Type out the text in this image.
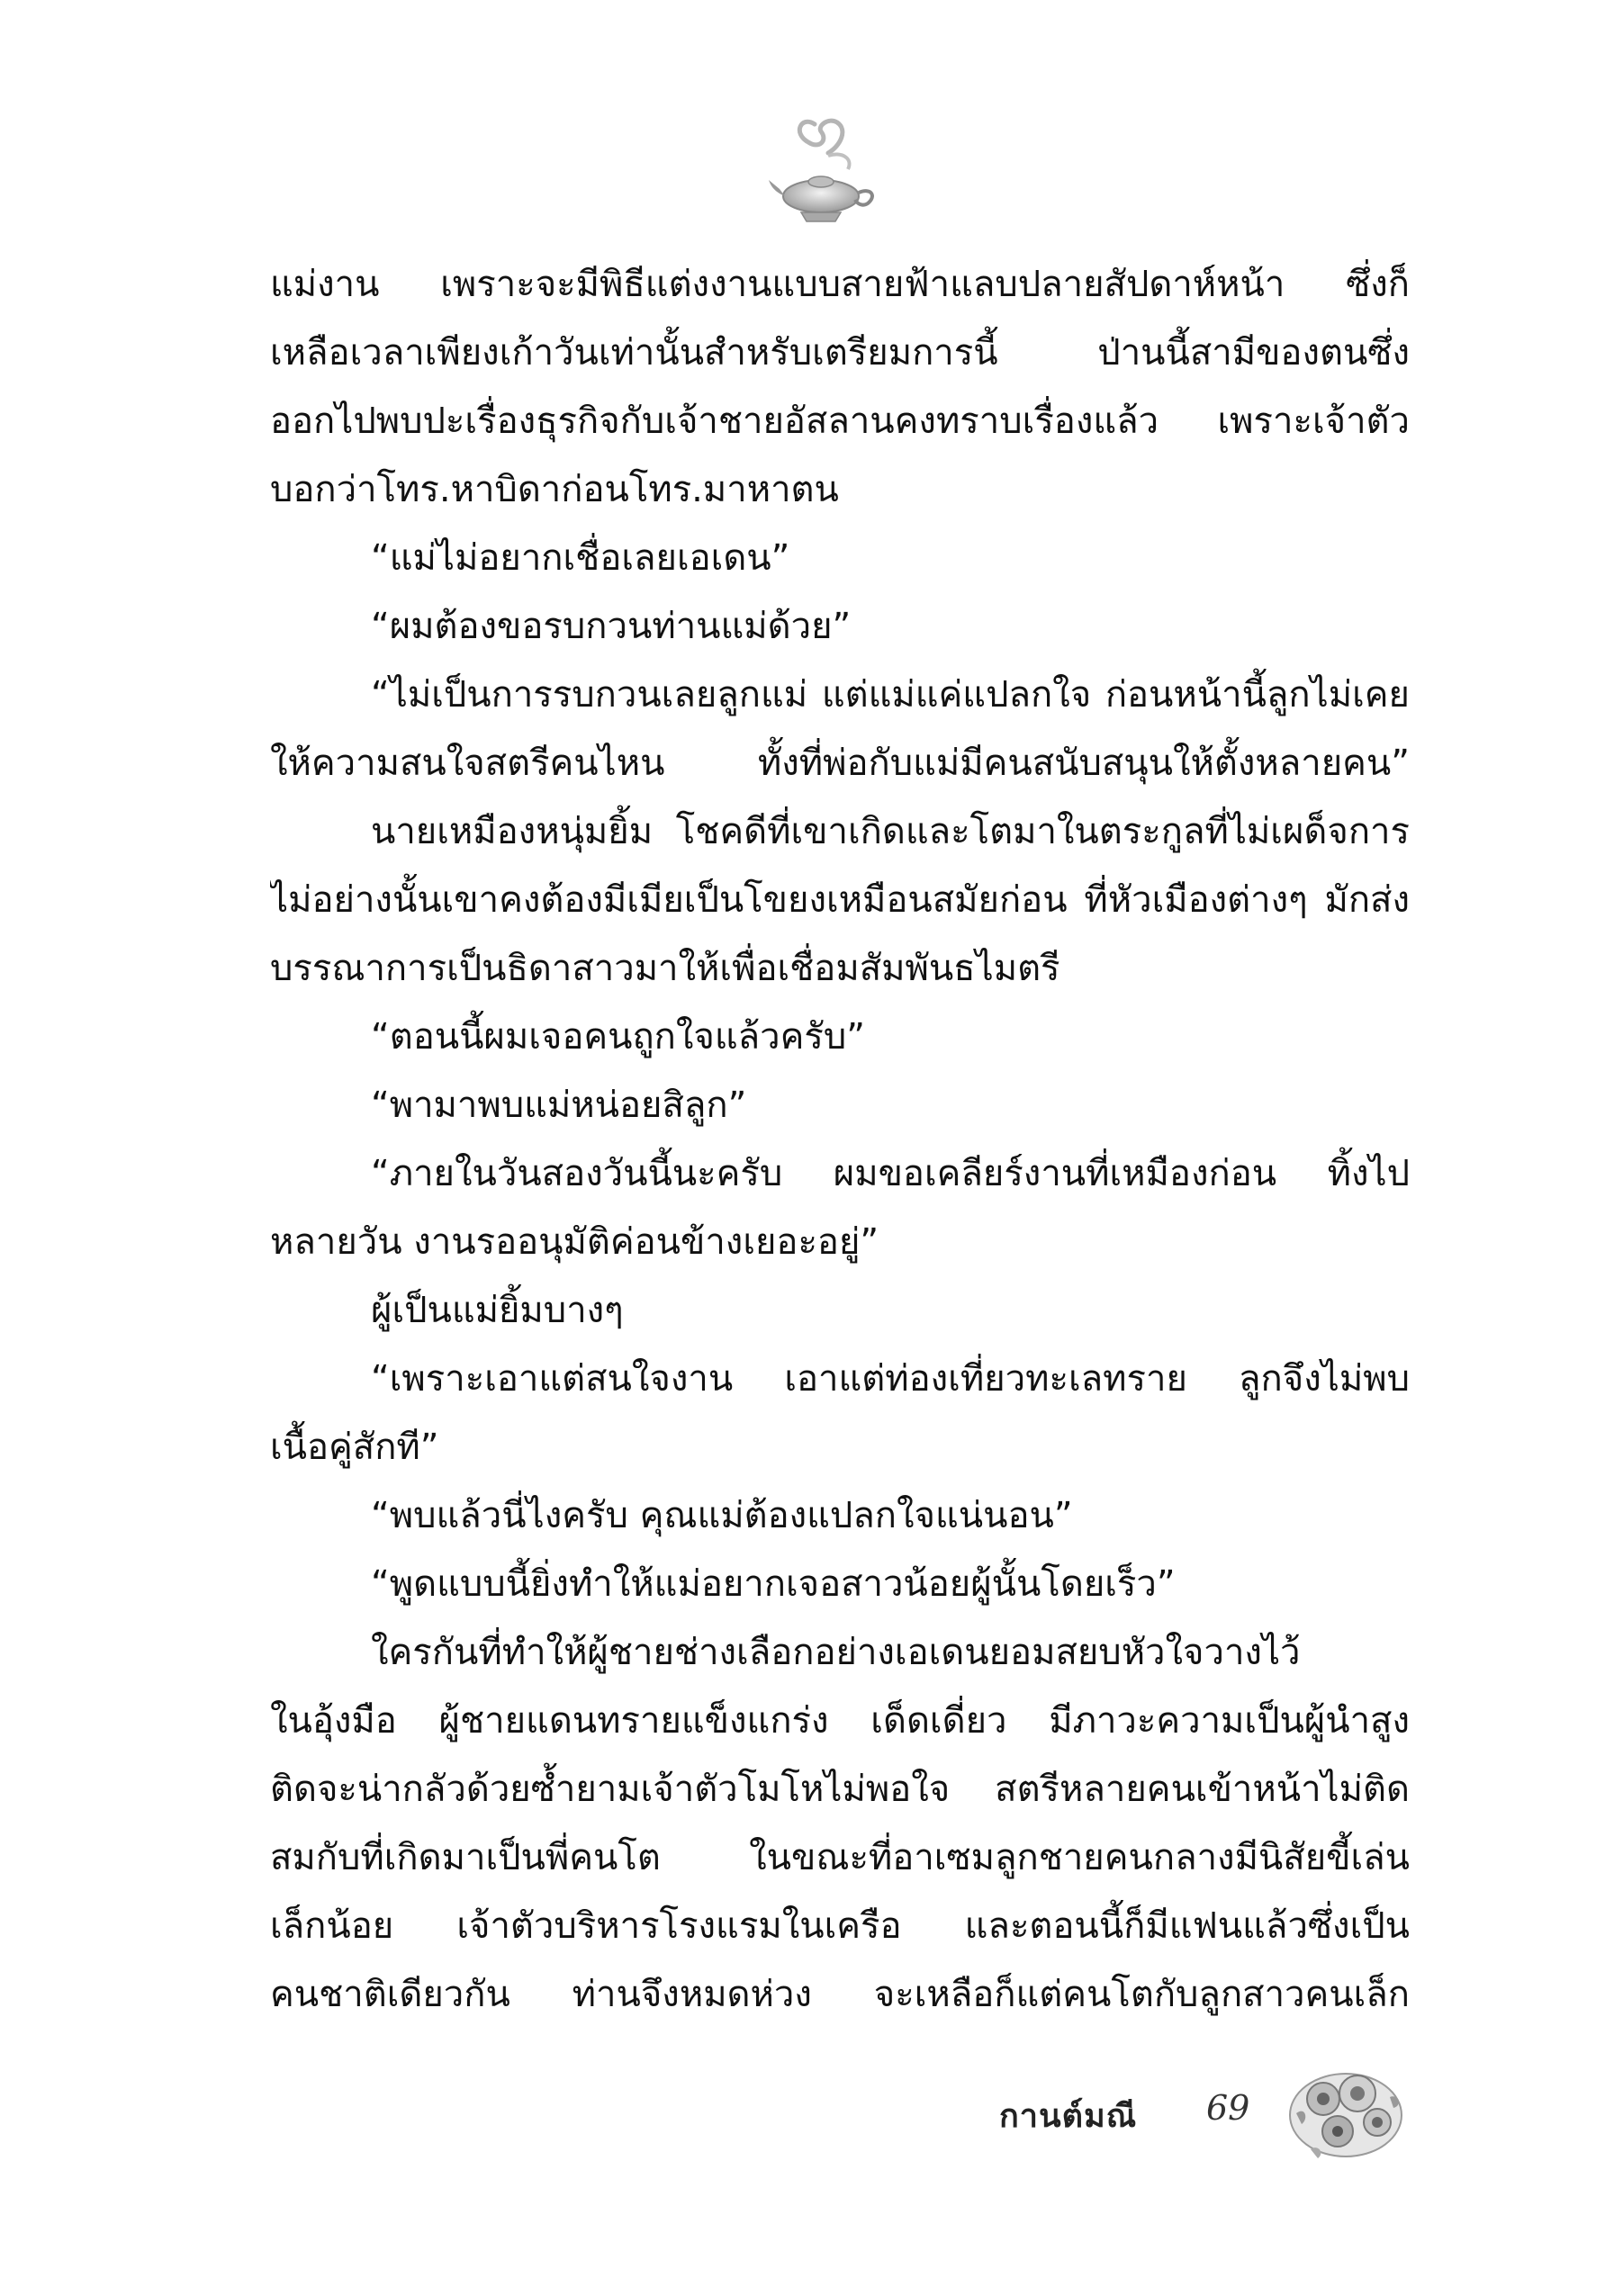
แม่งาน เพราะจะมีพิธีแต่งงานแบบสายฟ้าแลบปลายสัปดาห์หน้า ซึ่งก็
เหลือเวลาเพียงเก้าวันเท่านั้นสำหรับเตรียมการนี้ ป่านนี้สามีของตนซึ่ง
ออกไปพบปะเรื่องธุรกิจกับเจ้าชายอัสลานคงทราบเรื่องแล้ว เพราะเจ้าตัว
บอกว่าโทร.หาบิดาก่อนโทร.มาหาตน
“แม่ไม่อยากเชื่อเลยเอเดน”
“ผมต้องขอรบกวนท่านแม่ด้วย”
“ไม่เป็นการรบกวนเลยลูกแม่ แต่แม่แค่แปลกใจ ก่อนหน้านี้ลูกไม่เคย
ให้ความสนใจสตรีคนไหน ทั้งที่พ่อกับแม่มีคนสนับสนุนให้ตั้งหลายคน”
นายเหมืองหนุ่มยิ้ม โชคดีที่เขาเกิดและโตมาในตระกูลที่ไม่เผด็จการ
ไม่อย่างนั้นเขาคงต้องมีเมียเป็นโขยงเหมือนสมัยก่อน ที่หัวเมืองต่างๆ มักส่ง
บรรณาการเป็นธิดาสาวมาให้เพื่อเชื่อมสัมพันธไมตรี
“ตอนนี้ผมเจอคนถูกใจแล้วครับ”
“พามาพบแม่หน่อยสิลูก”
“ภายในวันสองวันนี้นะครับ ผมขอเคลียร์งานที่เหมืองก่อน ทิ้งไป
หลายวัน งานรออนุมัติค่อนข้างเยอะอยู่”
ผู้เป็นแม่ยิ้มบางๆ
“เพราะเอาแต่สนใจงาน เอาแต่ท่องเที่ยวทะเลทราย ลูกจึงไม่พบ
เนื้อคู่สักที”
“พบแล้วนี่ไงครับ คุณแม่ต้องแปลกใจแน่นอน”
“พูดแบบนี้ยิ่งทำให้แม่อยากเจอสาวน้อยผู้นั้นโดยเร็ว”
ใครกันที่ทำให้ผู้ชายช่างเลือกอย่างเอเดนยอมสยบหัวใจวางไว้
ในอุ้งมือ ผู้ชายแดนทรายแข็งแกร่ง เด็ดเดี่ยว มีภาวะความเป็นผู้นำสูง
ติดจะน่ากลัวด้วยซ้ำยามเจ้าตัวโมโหไม่พอใจ สตรีหลายคนเข้าหน้าไม่ติด
สมกับที่เกิดมาเป็นพี่คนโต ในขณะที่อาเซมลูกชายคนกลางมีนิสัยขี้เล่น
เล็กน้อย เจ้าตัวบริหารโรงแรมในเครือ และตอนนี้ก็มีแฟนแล้วซึ่งเป็น
คนชาติเดียวกัน ท่านจึงหมดห่วง จะเหลือก็แต่คนโตกับลูกสาวคนเล็ก
กานต์มณี 69
